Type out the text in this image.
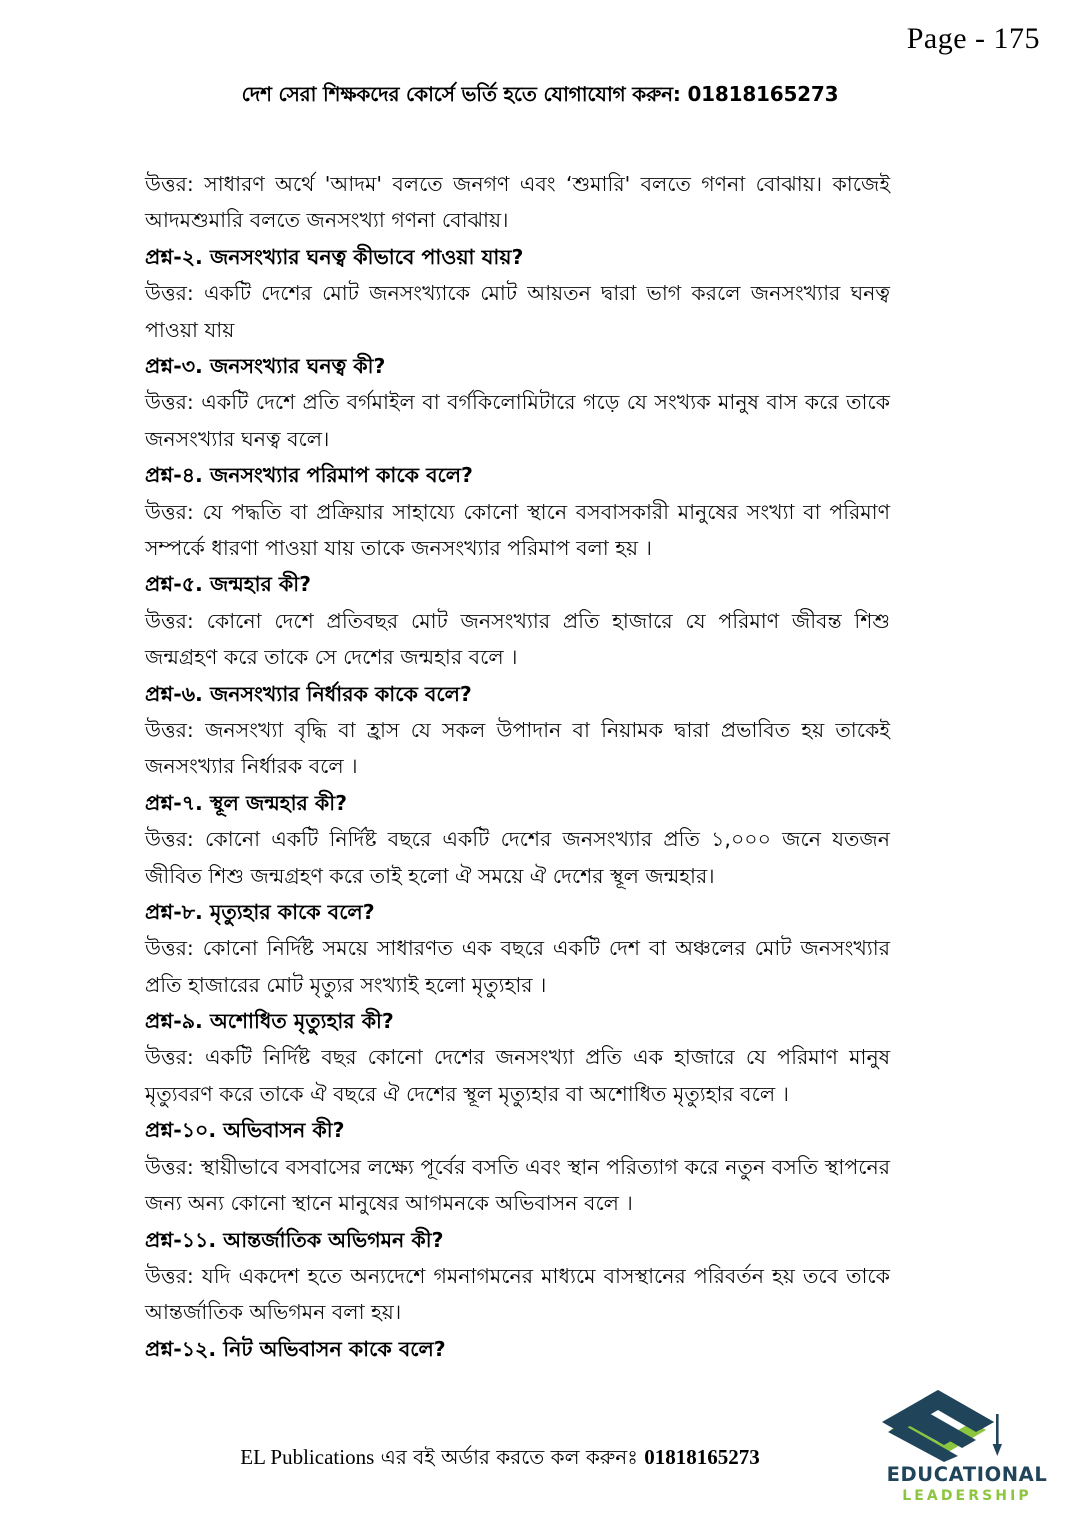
Page - 175
দেশ সেরা শিক্ষকদের কোর্সে ভর্তি হতে যোগাযোগ করুন: 01818165273

উত্তর: সাধারণ অর্থে 'আদম' বলতে জনগণ এবং ‘শুমারি' বলতে গণনা বোঝায়। কাজেই আদমশুমারি বলতে জনসংখ্যা গণনা বোঝায়।

প্রশ্ন-২. জনসংখ্যার ঘনত্ব কীভাবে পাওয়া যায়?

উত্তর: একটি দেশের মোট জনসংখ্যাকে মোট আয়তন দ্বারা ভাগ করলে জনসংখ্যার ঘনত্ব পাওয়া যায়

প্রশ্ন-৩. জনসংখ্যার ঘনত্ব কী?

উত্তর: একটি দেশে প্রতি বর্গমাইল বা বর্গকিলোমিটারে গড়ে যে সংখ্যক মানুষ বাস করে তাকে জনসংখ্যার ঘনত্ব বলে।

প্রশ্ন-৪. জনসংখ্যার পরিমাপ কাকে বলে?

উত্তর: যে পদ্ধতি বা প্রক্রিয়ার সাহায্যে কোনো স্থানে বসবাসকারী মানুষের সংখ্যা বা পরিমাণ সম্পর্কে ধারণা পাওয়া যায় তাকে জনসংখ্যার পরিমাপ বলা হয় ।

প্রশ্ন-৫. জন্মহার কী?

উত্তর: কোনো দেশে প্রতিবছর মোট জনসংখ্যার প্রতি হাজারে যে পরিমাণ জীবন্ত শিশু জন্মগ্রহণ করে তাকে সে দেশের জন্মহার বলে ।

প্রশ্ন-৬. জনসংখ্যার নির্ধারক কাকে বলে?

উত্তর: জনসংখ্যা বৃদ্ধি বা হ্রাস যে সকল উপাদান বা নিয়ামক দ্বারা প্রভাবিত হয় তাকেই জনসংখ্যার নির্ধারক বলে ।

প্রশ্ন-৭. স্থূল জন্মহার কী?

উত্তর: কোনো একটি নির্দিষ্ট বছরে একটি দেশের জনসংখ্যার প্রতি ১,০০০ জনে যতজন জীবিত শিশু জন্মগ্রহণ করে তাই হলো ঐ সময়ে ঐ দেশের স্থূল জন্মহার।

প্রশ্ন-৮. মৃত্যুহার কাকে বলে?

উত্তর: কোনো নির্দিষ্ট সময়ে সাধারণত এক বছরে একটি দেশ বা অঞ্চলের মোট জনসংখ্যার প্রতি হাজারের মোট মৃত্যুর সংখ্যাই হলো মৃত্যুহার ।

প্রশ্ন-৯. অশোধিত মৃত্যুহার কী?

উত্তর: একটি নির্দিষ্ট বছর কোনো দেশের জনসংখ্যা প্রতি এক হাজারে যে পরিমাণ মানুষ মৃত্যুবরণ করে তাকে ঐ বছরে ঐ দেশের স্থূল মৃত্যুহার বা অশোধিত মৃত্যুহার বলে ।

প্রশ্ন-১০. অভিবাসন কী?

উত্তর: স্থায়ীভাবে বসবাসের লক্ষ্যে পূর্বের বসতি এবং স্থান পরিত্যাগ করে নতুন বসতি স্থাপনের জন্য অন্য কোনো স্থানে মানুষের আগমনকে অভিবাসন বলে ।

প্রশ্ন-১১. আন্তর্জাতিক অভিগমন কী?

উত্তর: যদি একদেশ হতে অন্যদেশে গমনাগমনের মাধ্যমে বাসস্থানের পরিবর্তন হয় তবে তাকে আন্তর্জাতিক অভিগমন বলা হয়।

প্রশ্ন-১২. নিট অভিবাসন কাকে বলে?

EL Publications এর বই অর্ডার করতে কল করুনঃ 01818165273
EDUCATIONAL
LEADERSHIP
